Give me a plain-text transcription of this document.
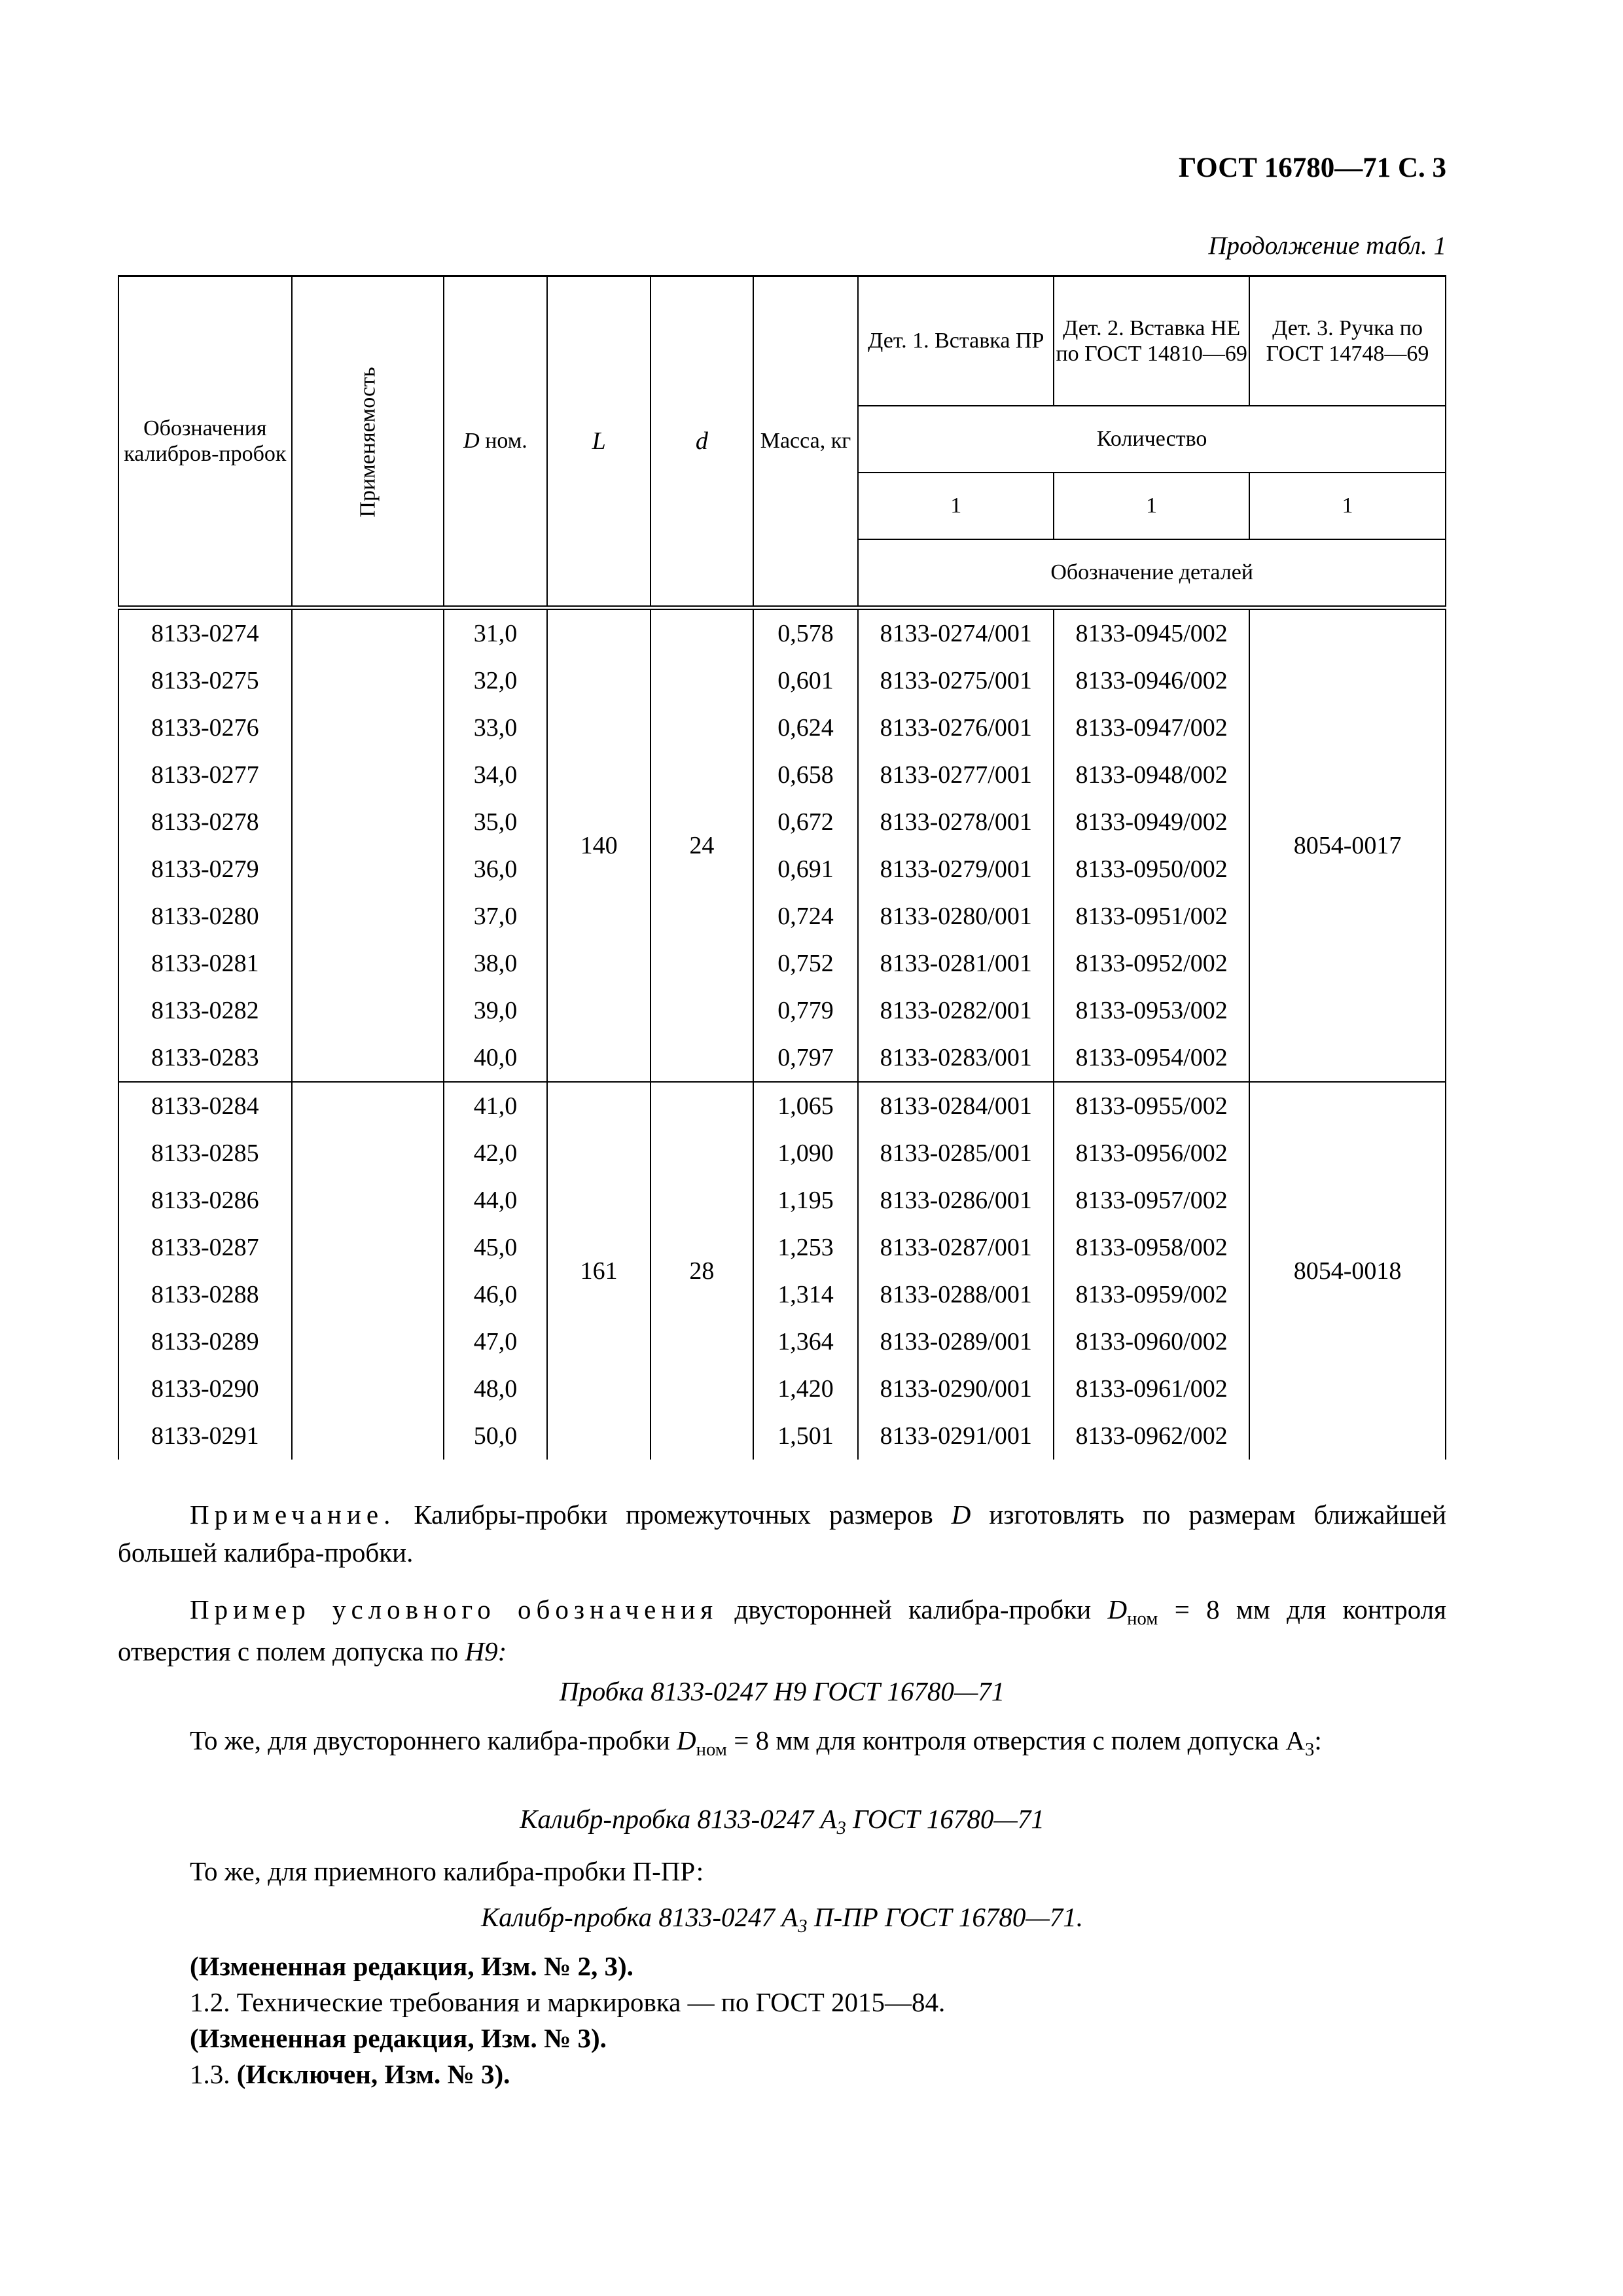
ГОСТ 16780—71 С. 3
Продолжение табл. 1
Обозначения калибров-пробок	Применяемость	D ном.	L	d	Масса, кг	Дет. 1. Вставка ПР	Дет. 2. Вставка НЕ по ГОСТ 14810—69	Дет. 3. Ручка по ГОСТ 14748—69
						Количество		
						1	1	1
						Обозначение деталей		
8133-0274		31,0	140	24	0,578	8133-0274/001	8133-0945/002	8054-0017
8133-0275		32,0			0,601	8133-0275/001	8133-0946/002	
8133-0276		33,0			0,624	8133-0276/001	8133-0947/002	
8133-0277		34,0			0,658	8133-0277/001	8133-0948/002	
8133-0278		35,0			0,672	8133-0278/001	8133-0949/002	
8133-0279		36,0			0,691	8133-0279/001	8133-0950/002	
8133-0280		37,0			0,724	8133-0280/001	8133-0951/002	
8133-0281		38,0			0,752	8133-0281/001	8133-0952/002	
8133-0282		39,0			0,779	8133-0282/001	8133-0953/002	
8133-0283		40,0			0,797	8133-0283/001	8133-0954/002	
8133-0284		41,0	161	28	1,065	8133-0284/001	8133-0955/002	8054-0018
8133-0285		42,0			1,090	8133-0285/001	8133-0956/002	
8133-0286		44,0			1,195	8133-0286/001	8133-0957/002	
8133-0287		45,0			1,253	8133-0287/001	8133-0958/002	
8133-0288		46,0			1,314	8133-0288/001	8133-0959/002	
8133-0289		47,0			1,364	8133-0289/001	8133-0960/002	
8133-0290		48,0			1,420	8133-0290/001	8133-0961/002	
8133-0291		50,0			1,501	8133-0291/001	8133-0962/002	
Примечание. Калибры-пробки промежуточных размеров D изготовлять по размерам ближайшей большей калибра-пробки.
Пример условного обозначения двусторонней калибра-пробки $D_{ном} = 8$ мм для контроля отверстия с полем допуска по H9:
Пробка 8133-0247 H9 ГОСТ 16780—71
То же, для двустороннего калибра-пробки $D_{ном} = 8$ мм для контроля отверстия с полем допуска $А_3$:
Калибр-пробка 8133-0247 $A_3$ ГОСТ 16780—71
То же, для приемного калибра-пробки П-ПР:
Калибр-пробка 8133-0247 $A_3$ П-ПР ГОСТ 16780—71.
(Измененная редакция, Изм. № 2, 3).
1.2. Технические требования и маркировка — по ГОСТ 2015—84.
(Измененная редакция, Изм. № 3).
1.3. (Исключен, Изм. № 3).
